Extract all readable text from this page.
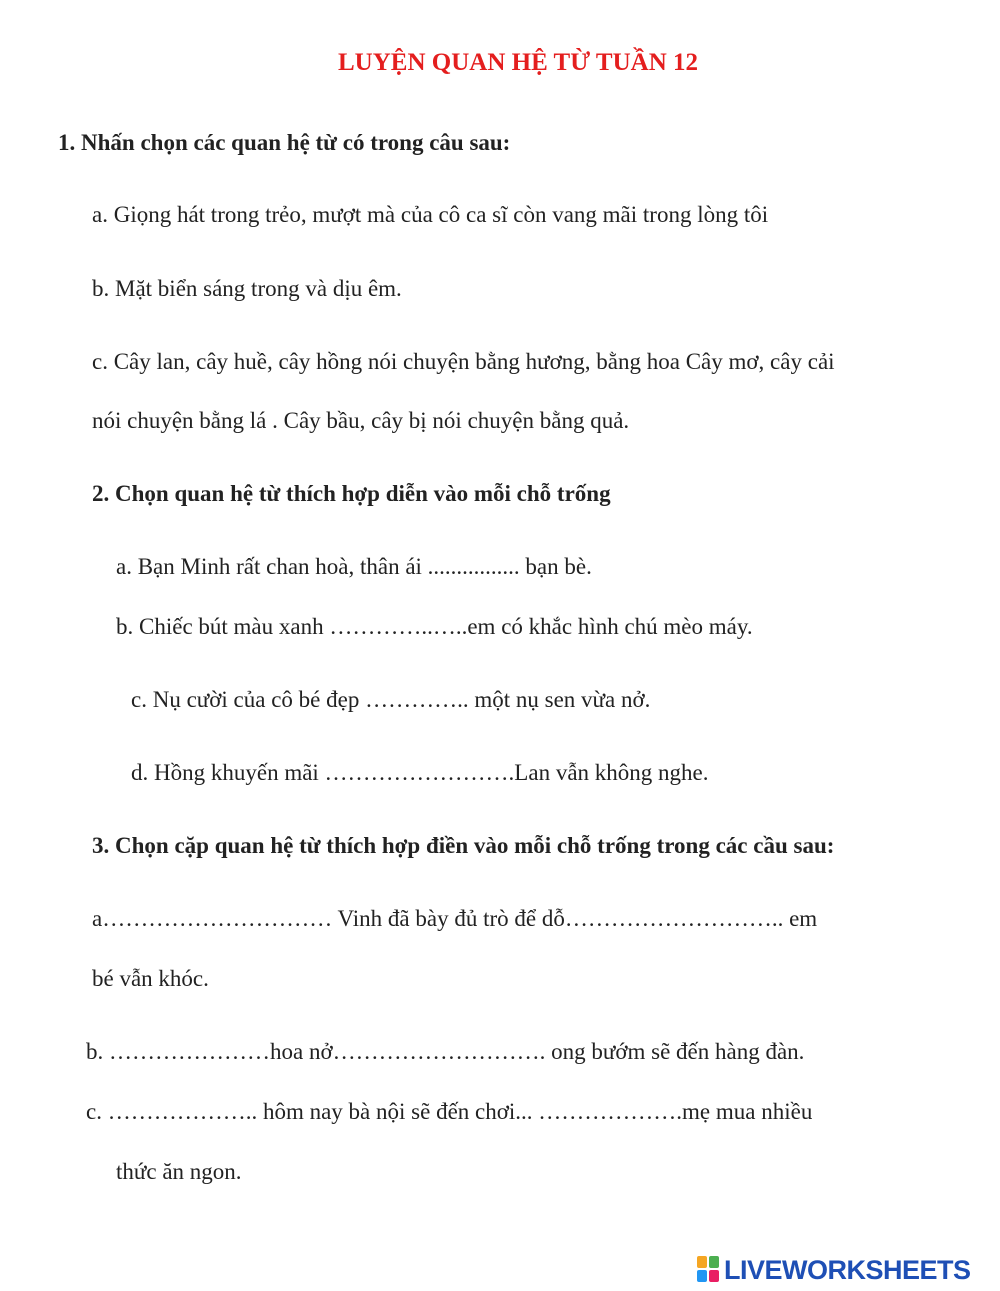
LUYỆN QUAN HỆ TỪ TUẦN 12
1. Nhấn chọn các quan hệ từ có trong câu sau:
a. Giọng hát trong trẻo, mượt mà của cô ca sĩ còn vang mãi trong lòng tôi
b. Mặt biển sáng trong và dịu êm.
c. Cây lan, cây huề, cây hồng nói chuyện bằng hương, bằng hoa Cây mơ, cây cải
nói chuyện bằng lá . Cây bầu, cây bị nói chuyện bằng quả.
2. Chọn quan hệ từ thích hợp diễn vào mỗi chỗ trống
a. Bạn Minh rất chan hoà, thân ái ................ bạn bè.
b. Chiếc bút màu xanh …………..…..em có khắc hình chú mèo máy.
c. Nụ cười của cô bé đẹp ………….. một nụ sen vừa nở.
d. Hồng khuyến mãi …………………….Lan vẫn không nghe.
3. Chọn cặp quan hệ từ thích hợp điền vào mỗi chỗ trống trong các cầu sau:
a………………………… Vinh đã bày đủ trò để dỗ……………………….. em
bé vẫn khóc.
b. …………………hoa nở………………………. ong bướm sẽ đến hàng đàn.
c. ……………….. hôm nay bà nội sẽ đến chơi... ……………….mẹ mua nhiều
thức ăn ngon.
LIVEWORKSHEETS
